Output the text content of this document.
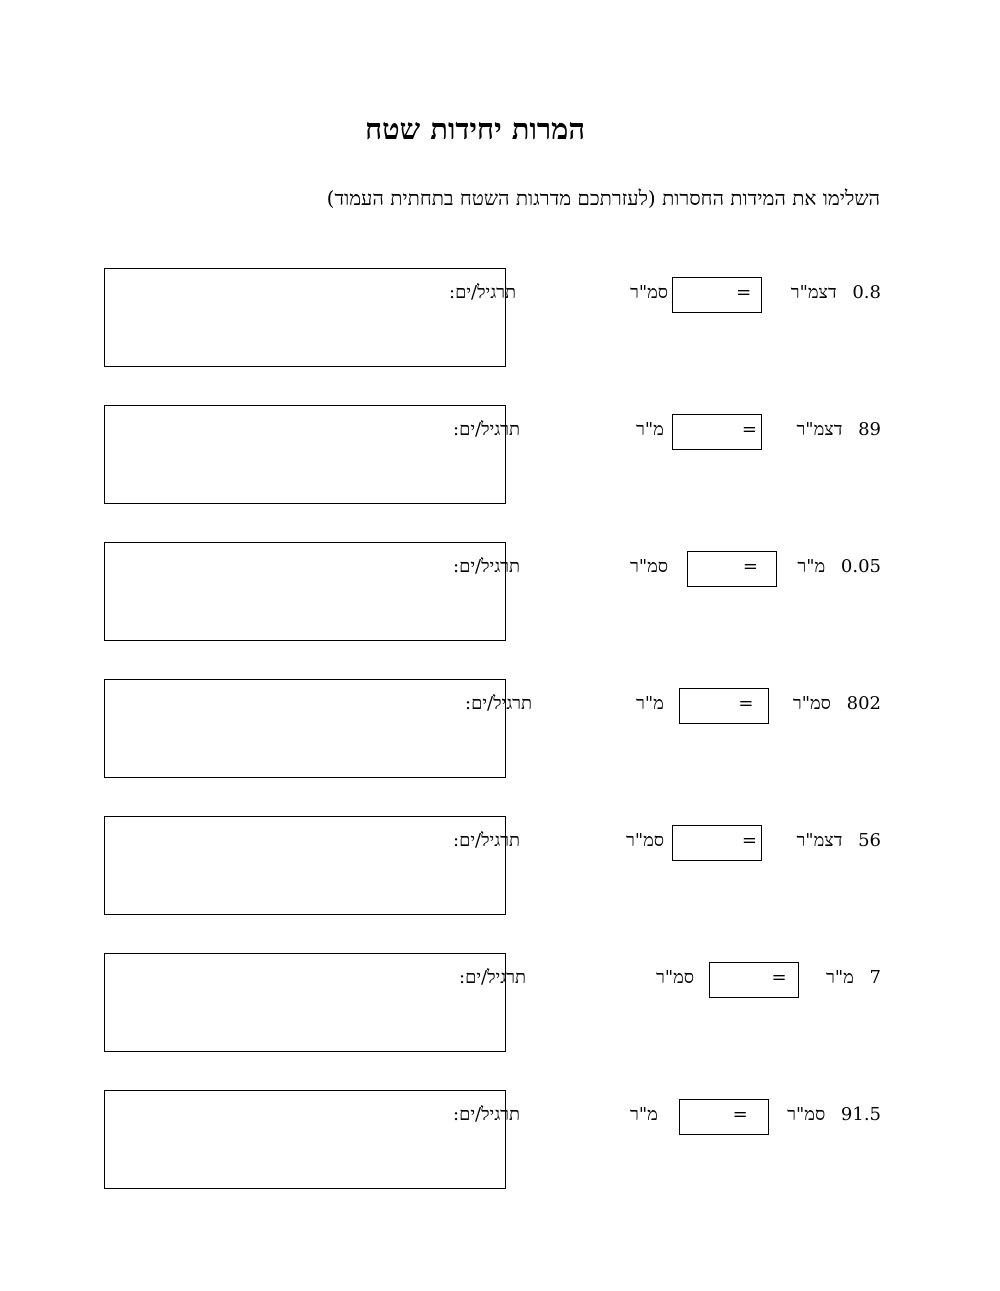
המרות יחידות שטח
השלימו את המידות החסרות (לעזרתכם מדרגות השטח בתחתית העמוד)
תרגיל/ים:	סמ"ר	= דצמ"ר 0.8
תרגיל/ים:	מ"ר	= דצמ"ר 89
תרגיל/ים:	סמ"ר	= מ"ר 0.05
תרגיל/ים:	מ"ר	= סמ"ר 802
תרגיל/ים:	סמ"ר	= דצמ"ר 56
תרגיל/ים:	סמ"ר	= מ"ר 7
תרגיל/ים:	מ"ר	= סמ"ר 91.5
